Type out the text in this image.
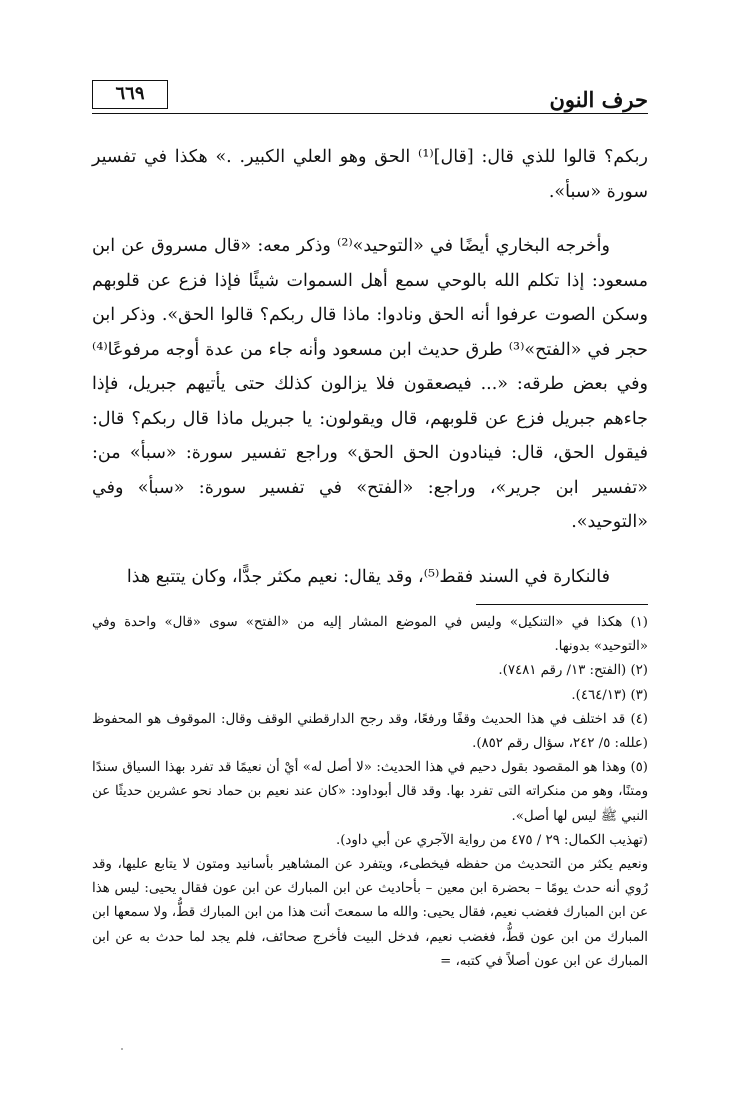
حرف النون
٦٦٩

ربكم؟ قالوا للذي قال: [قال]⁽¹⁾ الحق وهو العلي الكبير. .» هكذا في تفسير سورة «سبأ».

وأخرجه البخاري أيضًا في «التوحيد»⁽²⁾ وذكر معه: «قال مسروق عن ابن مسعود: إذا تكلم الله بالوحي سمع أهل السموات شيئًا فإذا فزع عن قلوبهم وسكن الصوت عرفوا أنه الحق ونادوا: ماذا قال ربكم؟ قالوا الحق». وذكر ابن حجر في «الفتح»⁽³⁾ طرق حديث ابن مسعود وأنه جاء من عدة أوجه مرفوعًا⁽⁴⁾ وفي بعض طرقه: «... فيصعقون فلا يزالون كذلك حتى يأتيهم جبريل، فإذا جاءهم جبريل فزع عن قلوبهم، قال ويقولون: يا جبريل ماذا قال ربكم؟ قال: فيقول الحق، قال: فينادون الحق الحق» وراجع تفسير سورة: «سبأ» من: «تفسير ابن جرير»، وراجع: «الفتح» في تفسير سورة: «سبأ» وفي «التوحيد».

فالنكارة في السند فقط⁽⁵⁾، وقد يقال: نعيم مكثر جدًّا، وكان يتتبع هذا

(١) هكذا في «التنكيل» وليس في الموضع المشار إليه من «الفتح» سوى «قال» واحدة وفي «التوحيد» بدونها.

(٢) (الفتح: ١٣/ رقم ٧٤٨١).

(٣) (٤٦٤/١٣).

(٤) قد اختلف في هذا الحديث وقفًا ورفعًا، وقد رجح الدارقطني الوقف وقال: الموقوف هو المحفوظ (علله: ٥/ ٢٤٢، سؤال رقم ٨٥٢).

(٥) وهذا هو المقصود بقول دحيم في هذا الحديث: «لا أصل له» أيْ أن نعيمًا قد تفرد بهذا السياق سندًا ومتنًا، وهو من منكراته التى تفرد بها. وقد قال أبوداود: «كان عند نعيم بن حماد نحو عشرين حديثًا عن النبي ﷺ ليس لها أصل».

(تهذيب الكمال: ٢٩ / ٤٧٥ من رواية الآجري عن أبي داود).

ونعيم يكثر من التحديث من حفظه فيخطىء، ويتفرد عن المشاهير بأسانيد ومتون لا يتابع عليها، وقد رُوي أنه حدث يومًا – بحضرة ابن معين – بأحاديث عن ابن المبارك عن ابن عون فقال يحيى: ليس هذا عن ابن المبارك فغضب نعيم، فقال يحيى: والله ما سمعتَ أنت هذا من ابن المبارك قطُّ، ولا سمعها ابن المبارك من ابن عون قطُّ، فغضب نعيم، فدخل البيت فأخرج صحائف، فلم يجد لما حدث به عن ابن المبارك عن ابن عون أصلاً في كتبه، =
